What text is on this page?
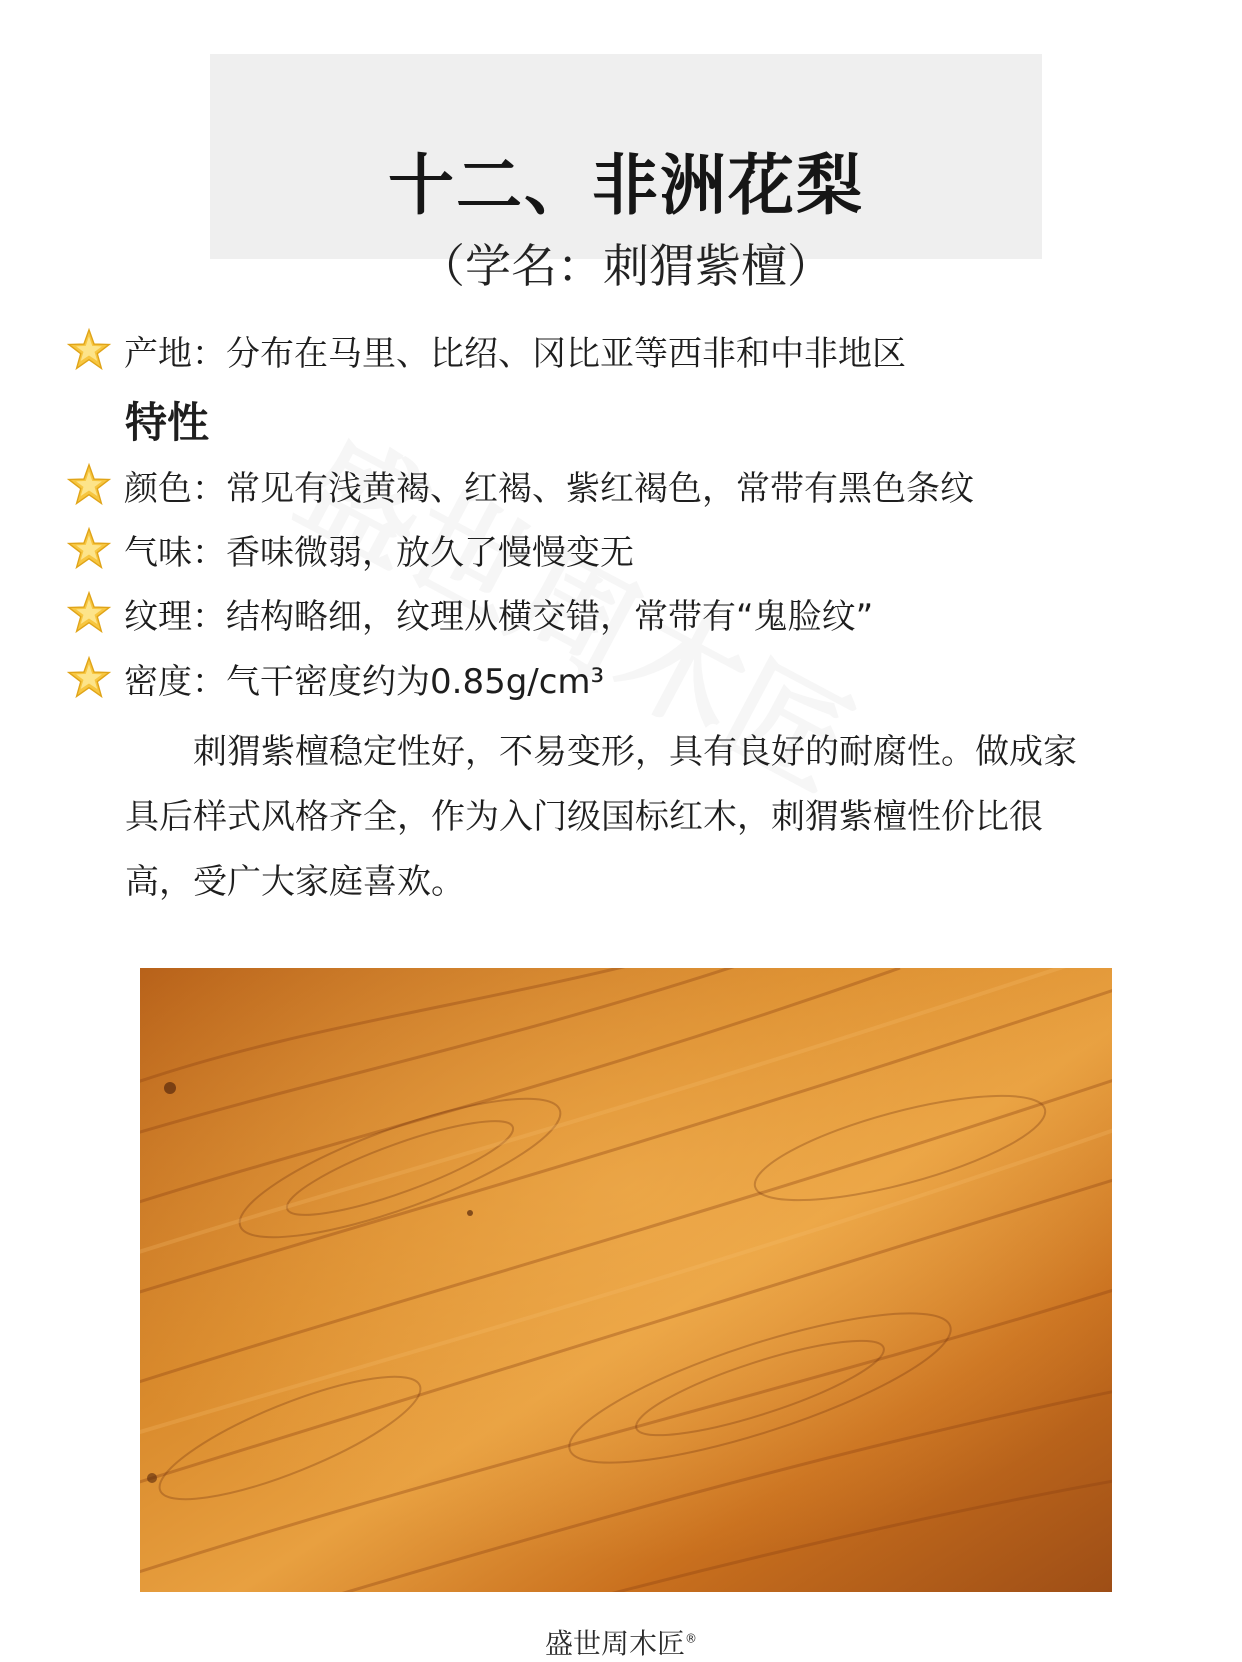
十二、非洲花梨
（学名：刺猬紫檀）
产地：分布在马里、比绍、冈比亚等西非和中非地区
特性
颜色：常见有浅黄褐、红褐、紫红褐色，常带有黑色条纹
气味：香味微弱，放久了慢慢变无
纹理：结构略细，纹理从横交错，常带有“鬼脸纹”
密度：气干密度约为0.85g/cm³
刺猬紫檀稳定性好，不易变形，具有良好的耐腐性。做成家具后样式风格齐全，作为入门级国标红木，刺猬紫檀性价比很高，受广大家庭喜欢。
盛世周木匠®
